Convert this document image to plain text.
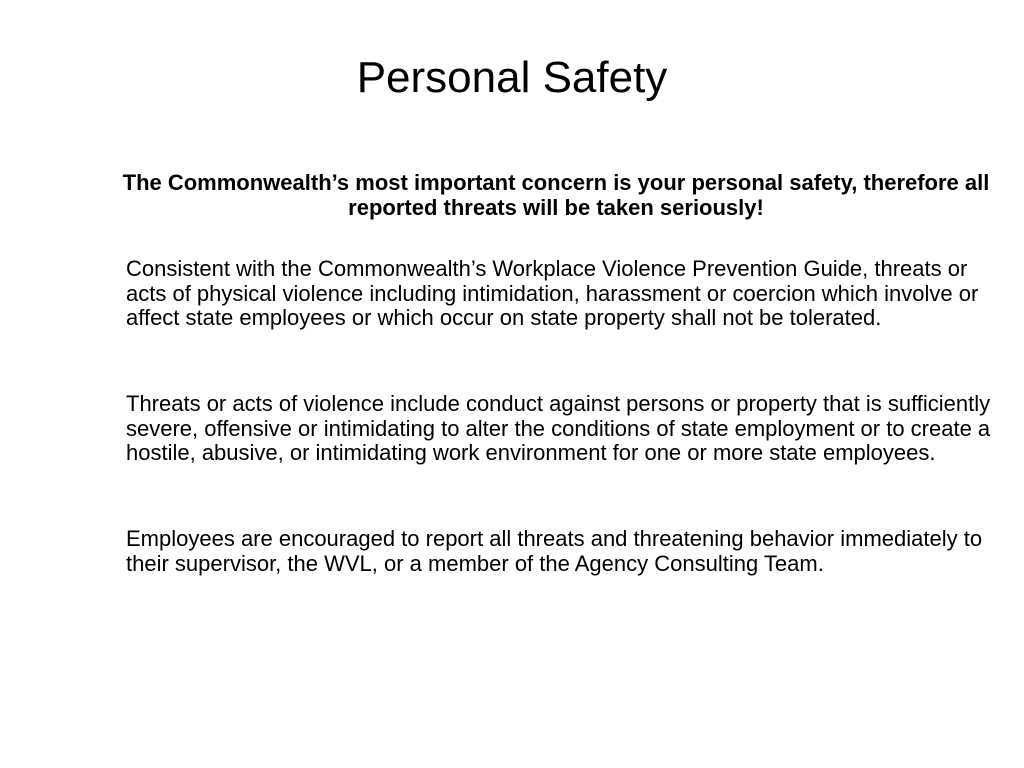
Personal Safety

The Commonwealth’s most important concern is your personal safety, therefore all reported threats will be taken seriously!

Consistent with the Commonwealth’s Workplace Violence Prevention Guide, threats or acts of physical violence including intimidation, harassment or coercion which involve or affect state employees or which occur on state property shall not be tolerated.

Threats or acts of violence include conduct against persons or property that is sufficiently severe, offensive or intimidating to alter the conditions of state employment or to create a hostile, abusive, or intimidating work environment for one or more state employees.

Employees are encouraged to report all threats and threatening behavior immediately to their supervisor, the WVL, or a member of the Agency Consulting Team.
